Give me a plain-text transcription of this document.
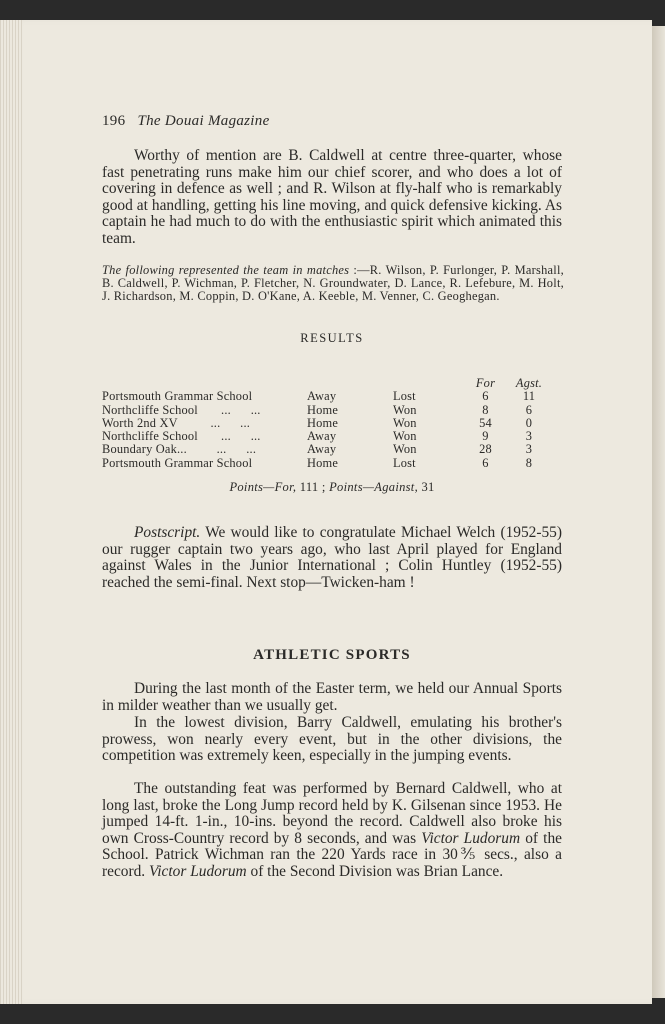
196 The Douai Magazine

Worthy of mention are B. Caldwell at centre three-quarter, whose fast penetrating runs make him our chief scorer, and who does a lot of covering in defence as well ; and R. Wilson at fly-half who is remarkably good at handling, getting his line moving, and quick defensive kicking. As captain he had much to do with the enthusiastic spirit which animated this team.

The following represented the team in matches :—R. Wilson, P. Furlonger, P. Marshall, B. Caldwell, P. Wichman, P. Fletcher, N. Groundwater, D. Lance, R. Lefebure, M. Holt, J. Richardson, M. Coppin, D. O'Kane, A. Keeble, M. Venner, C. Geoghegan.
RESULTS
			For	Agst.
Portsmouth Grammar School	Away	Lost	6	11
Northcliffe School       ...      ...	Home	Won	8	6
Worth 2nd XV          ...      ...	Home	Won	54	0
Northcliffe School       ...      ...	Away	Won	9	3
Boundary Oak...         ...      ...	Away	Won	28	3
Portsmouth Grammar School	Home	Lost	6	8
Points—For, 111 ; Points—Against, 31

Postscript. We would like to congratulate Michael Welch (1952-55) our rugger captain two years ago, who last April played for England against Wales in the Junior International ; Colin Huntley (1952-55) reached the semi-final. Next stop—Twicken-ham !

ATHLETIC SPORTS

During the last month of the Easter term, we held our Annual Sports in milder weather than we usually get.

In the lowest division, Barry Caldwell, emulating his brother's prowess, won nearly every event, but in the other divisions, the competition was extremely keen, especially in the jumping events.

The outstanding feat was performed by Bernard Caldwell, who at long last, broke the Long Jump record held by K. Gilsenan since 1953. He jumped 14-ft. 1-in., 10-ins. beyond the record. Caldwell also broke his own Cross-Country record by 8 seconds, and was Victor Ludorum of the School. Patrick Wichman ran the 220 Yards race in 30⅗ secs., also a record. Victor Ludorum of the Second Division was Brian Lance.
